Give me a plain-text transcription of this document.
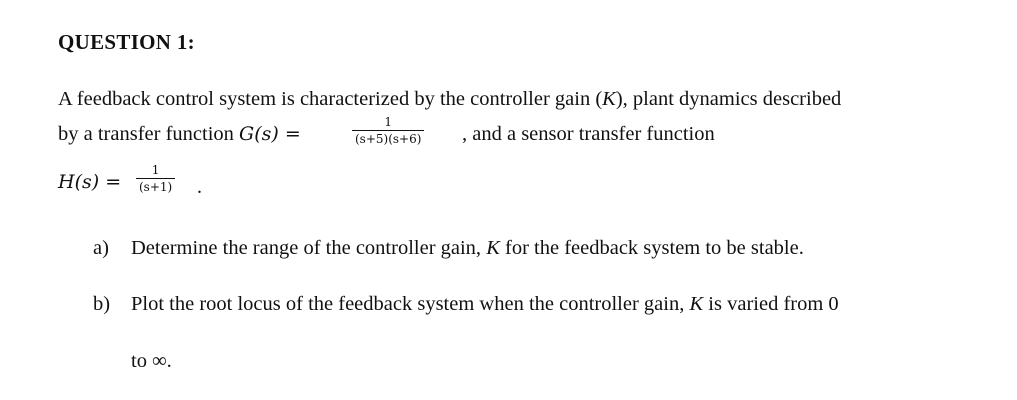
QUESTION 1:
A feedback control system is characterized by the controller gain (K), plant dynamics described
by a transfer function G(s) =	$\frac{1}{(s+5)(s+6)}$ , and a sensor transfer function
$H(s) = \frac{1}{(s+1)}$ .
a) Determine the range of the controller gain, K for the feedback system to be stable.
b) Plot the root locus of the feedback system when the controller gain, K is varied from 0
to ∞.
